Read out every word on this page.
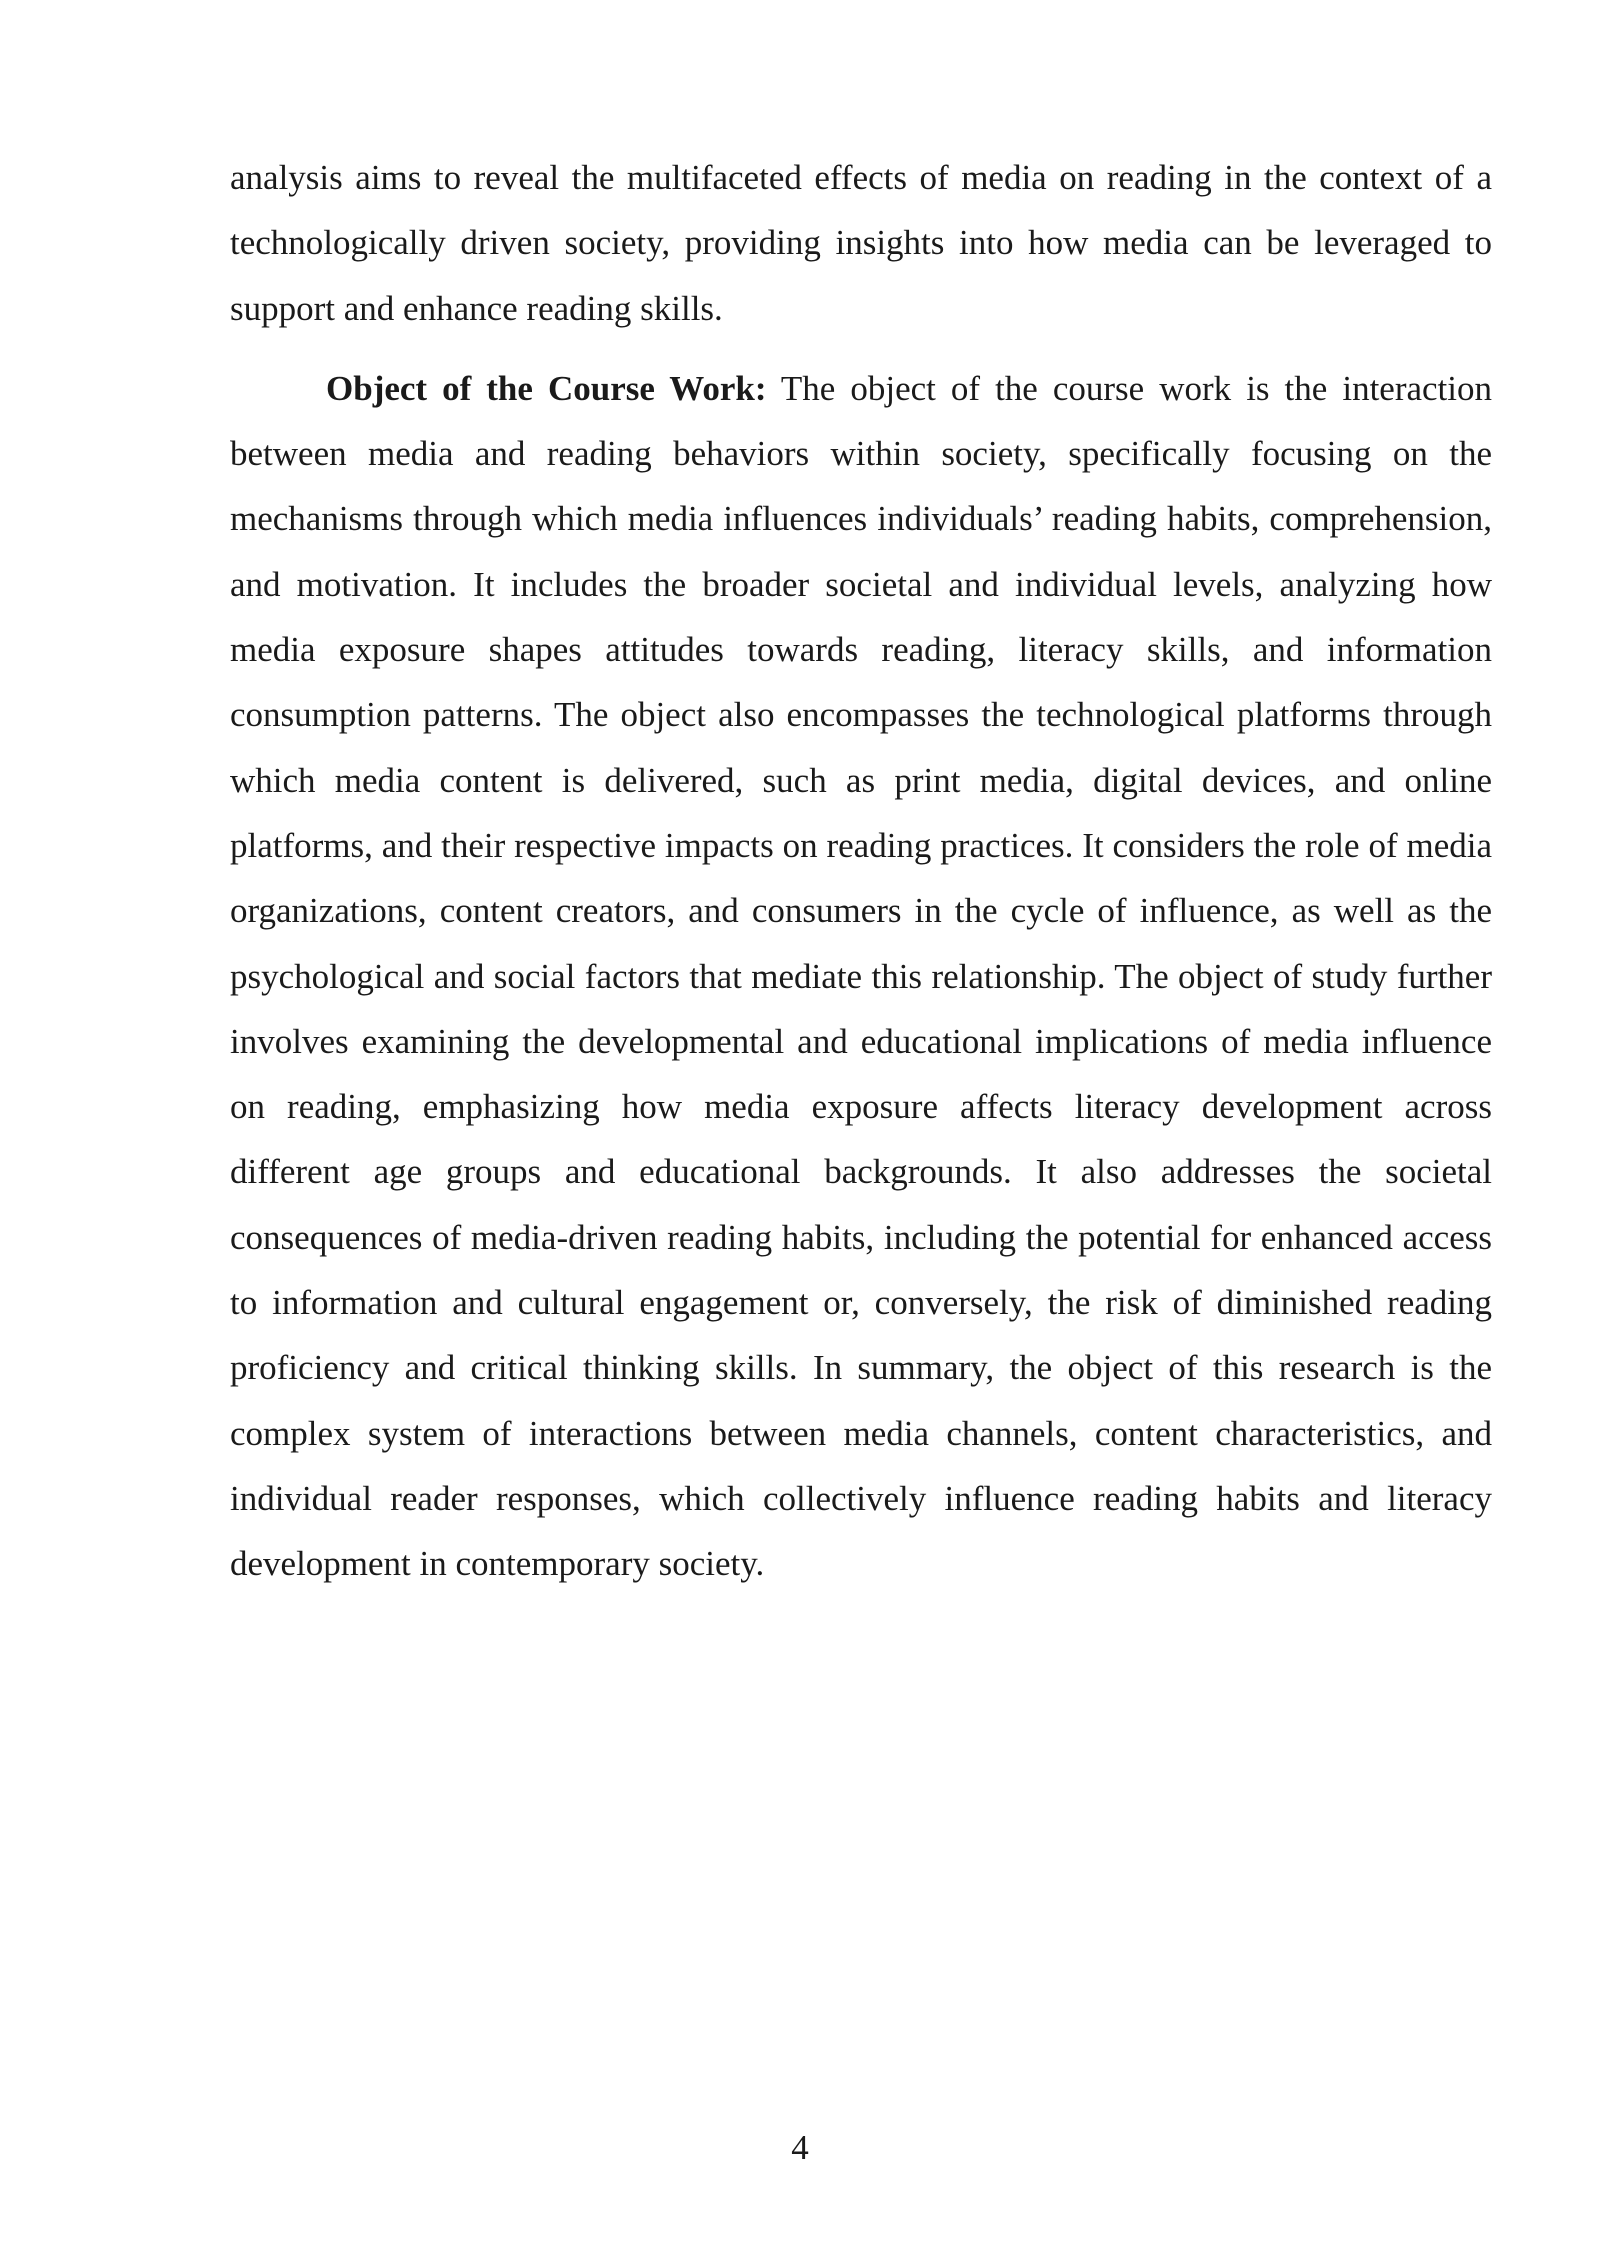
analysis aims to reveal the multifaceted effects of media on reading in the context of a technologically driven society, providing insights into how media can be leveraged to support and enhance reading skills.

Object of the Course Work: The object of the course work is the interaction between media and reading behaviors within society, specifically focusing on the mechanisms through which media influences individuals’ reading habits, comprehension, and motivation. It includes the broader societal and individual levels, analyzing how media exposure shapes attitudes towards reading, literacy skills, and information consumption patterns. The object also encompasses the technological platforms through which media content is delivered, such as print media, digital devices, and online platforms, and their respective impacts on reading practices. It considers the role of media organizations, content creators, and consumers in the cycle of influence, as well as the psychological and social factors that mediate this relationship. The object of study further involves examining the developmental and educational implications of media influence on reading, emphasizing how media exposure affects literacy development across different age groups and educational backgrounds. It also addresses the societal consequences of media-driven reading habits, including the potential for enhanced access to information and cultural engagement or, conversely, the risk of diminished reading proficiency and critical thinking skills. In summary, the object of this research is the complex system of interactions between media channels, content characteristics, and individual reader responses, which collectively influence reading habits and literacy development in contemporary society.

4
